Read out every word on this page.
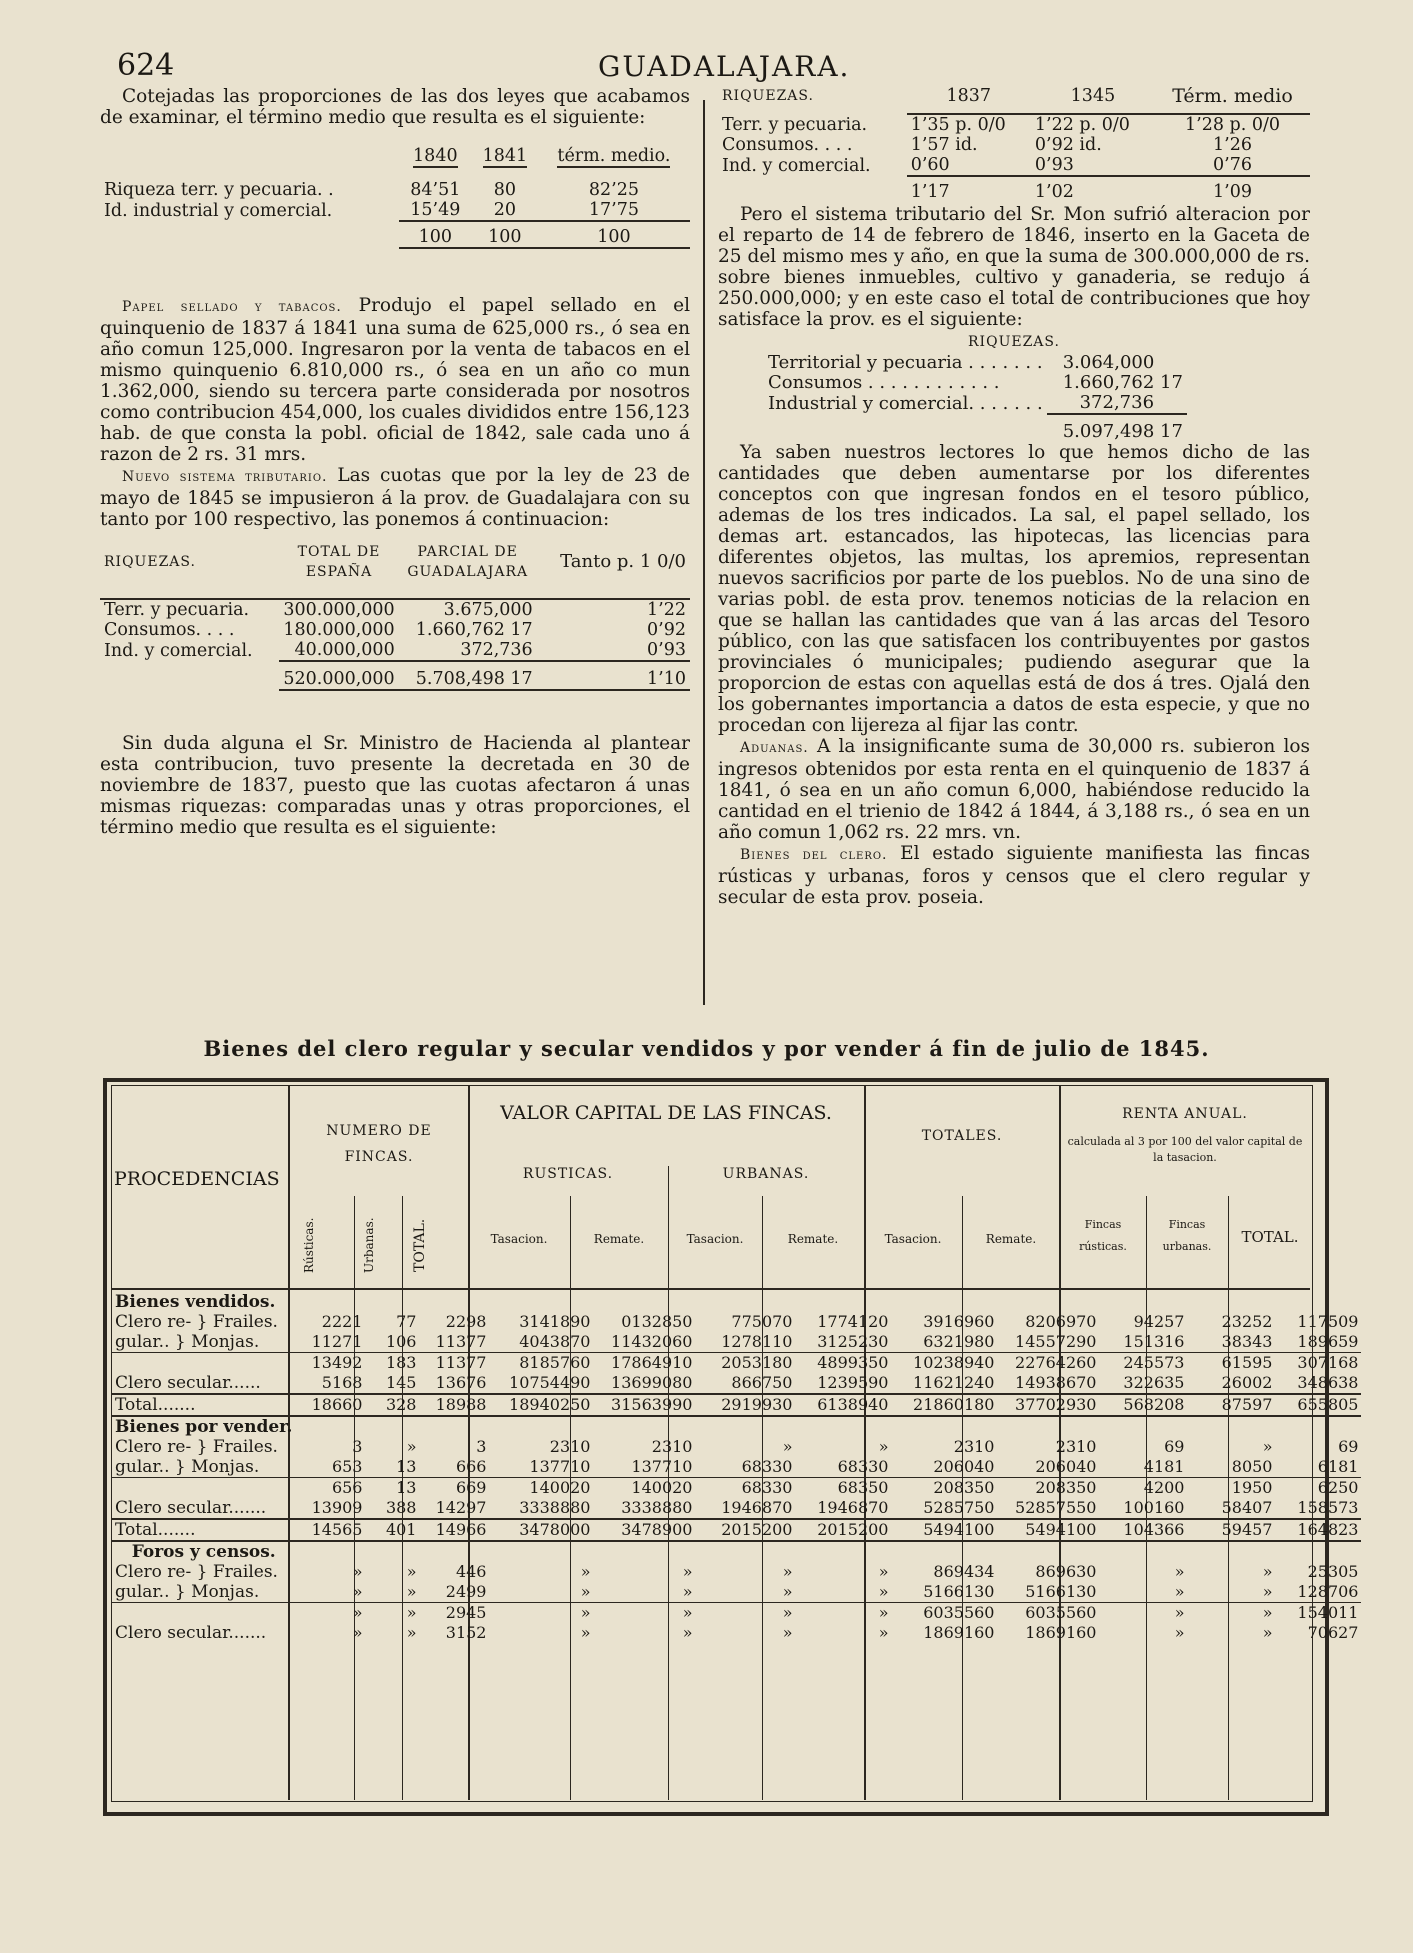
624	GUADALAJARA.

Cotejadas las proporciones de las dos leyes que acabamos de examinar, el término medio que resulta es el siguiente:

	1840	1841	térm. medio.

Riqueza terr. y pecuaria. .	84’51	80	82’25
Id. industrial y comercial.	15’49	20	17’75

	100	100	100

Papel sellado y tabacos. Produjo el papel sellado en el quinquenio de 1837 á 1841 una suma de 625,000 rs., ó sea en año comun 125,000. Ingresaron por la venta de tabacos en el mismo quinquenio 6.810,000 rs., ó sea en un año co mun 1.362,000, siendo su tercera parte considerada por nosotros como contribucion 454,000, los cuales divididos entre 156,123 hab. de que consta la pobl. oficial de 1842, sale cada uno á razon de 2 rs. 31 mrs.

Nuevo sistema tributario. Las cuotas que por la ley de 23 de mayo de 1845 se impusieron á la prov. de Guadalajara con su tanto por 100 respectivo, las ponemos á continuacion:

RIQUEZAS.	TOTAL DE ESPAÑA	PARCIAL DE GUADALAJARA	Tanto p. 1 0/0

Terr. y pecuaria.	300.000,000	3.675,000	1’22
Consumos. . . .	180.000,000	1.660,762 17	0’92
Ind. y comercial.	40.000,000	372,736	0’93

	520.000,000	5.708,498 17	1’10

Sin duda alguna el Sr. Ministro de Hacienda al plantear esta contribucion, tuvo presente la decretada en 30 de noviembre de 1837, puesto que las cuotas afectaron á unas mismas riquezas: comparadas unas y otras proporciones, el término medio que resulta es el siguiente:

RIQUEZAS.	1837	1345	Térm. medio

Terr. y pecuaria.	1’35 p. 0/0	1’22 p. 0/0	1’28 p. 0/0
Consumos. . . .	1’57 id.	0’92 id.	1’26
Ind. y comercial.	0’60	0’93	0’76

	1’17	1’02	1’09

Pero el sistema tributario del Sr. Mon sufrió alteracion por el reparto de 14 de febrero de 1846, inserto en la Gaceta de 25 del mismo mes y año, en que la suma de 300.000,000 de rs. sobre bienes inmuebles, cultivo y ganaderia, se redujo á 250.000,000; y en este caso el total de contribuciones que hoy satisface la prov. es el siguiente:

RIQUEZAS.
Territorial y pecuaria . . . . . . .	3.064,000
Consumos . . . . . . . . . . . .	1.660,762 17
Industrial y comercial. . . . . . .	372,736

	5.097,498 17

Ya saben nuestros lectores lo que hemos dicho de las cantidades que deben aumentarse por los diferentes conceptos con que ingresan fondos en el tesoro público, ademas de los tres indicados. La sal, el papel sellado, los demas art. estancados, las hipotecas, las licencias para diferentes objetos, las multas, los apremios, representan nuevos sacrificios por parte de los pueblos. No de una sino de varias pobl. de esta prov. tenemos noticias de la relacion en que se hallan las cantidades que van á las arcas del Tesoro público, con las que satisfacen los contribuyentes por gastos provinciales ó municipales; pudiendo asegurar que la proporcion de estas con aquellas está de dos á tres. Ojalá den los gobernantes importancia a datos de esta especie, y que no procedan con lijereza al fijar las contr.

Aduanas. A la insignificante suma de 30,000 rs. subieron los ingresos obtenidos por esta renta en el quinquenio de 1837 á 1841, ó sea en un año comun 6,000, habiéndose reducido la cantidad en el trienio de 1842 á 1844, á 3,188 rs., ó sea en un año comun 1,062 rs. 22 mrs. vn.

Bienes del clero. El estado siguiente manifiesta las fincas rústicas y urbanas, foros y censos que el clero regular y secular de esta prov. poseia.

Bienes del clero regular y secular vendidos y por vender á fin de julio de 1845.
PROCEDENCIAS
NUMERO DE FINCAS.
Rústicas.	Urbanas.	TOTAL.
VALOR CAPITAL DE LAS FINCAS.
RUSTICAS.	URBANAS.
Tasacion.	Remate.	Tasacion.	Remate.
TOTALES.
Tasacion.	Remate.
RENTA ANUAL.
calculada al 3 por 100 del valor capital de la tasacion.
Fincas rústicas.
Fincas urbanas.
TOTAL.
Bienes vendidos.												
Clero re- } Frailes.	2221	77	2298	3141890	0132850	775070	1774120	3916960	8206970	94257	23252	117509
gular.. } Monjas.	11271	106	11377	4043870	11432060	1278110	3125230	6321980	14557290	151316	38343	189659
	13492	183	11377	8185760	17864910	2053180	4899350	10238940	22764260	245573	61595	307168
Clero secular......	5168	145	13676	10754490	13699080	866750	1239590	11621240	14938670	322635	26002	348638
Total.......	18660	328	18988	18940250	31563990	2919930	6138940	21860180	37702930	568208	87597	655805
Bienes por vender.												
Clero re- } Frailes.	3	»	3	2310	2310	»	»	2310	2310	69	»	69
gular.. } Monjas.	653	13	666	137710	137710	68330	68330	206040	206040	4181	8050	6181
	656	13	669	140020	140020	68330	68350	208350	208350	4200	1950	6250
Clero secular.......	13909	388	14297	3338880	3338880	1946870	1946870	5285750	52857550	100160	58407	158573
Total.......	14565	401	14966	3478000	3478900	2015200	2015200	5494100	5494100	104366	59457	164823
Foros y censos.												
Clero re- } Frailes.	»	»	446	»	»	»	»	869434	869630	»	»	25305
gular.. } Monjas.	»	»	2499	»	»	»	»	5166130	5166130	»	»	128706
	»	»	2945	»	»	»	»	6035560	6035560	»	»	154011
Clero secular.......	»	»	3152	»	»	»	»	1869160	1869160	»	»	70627
